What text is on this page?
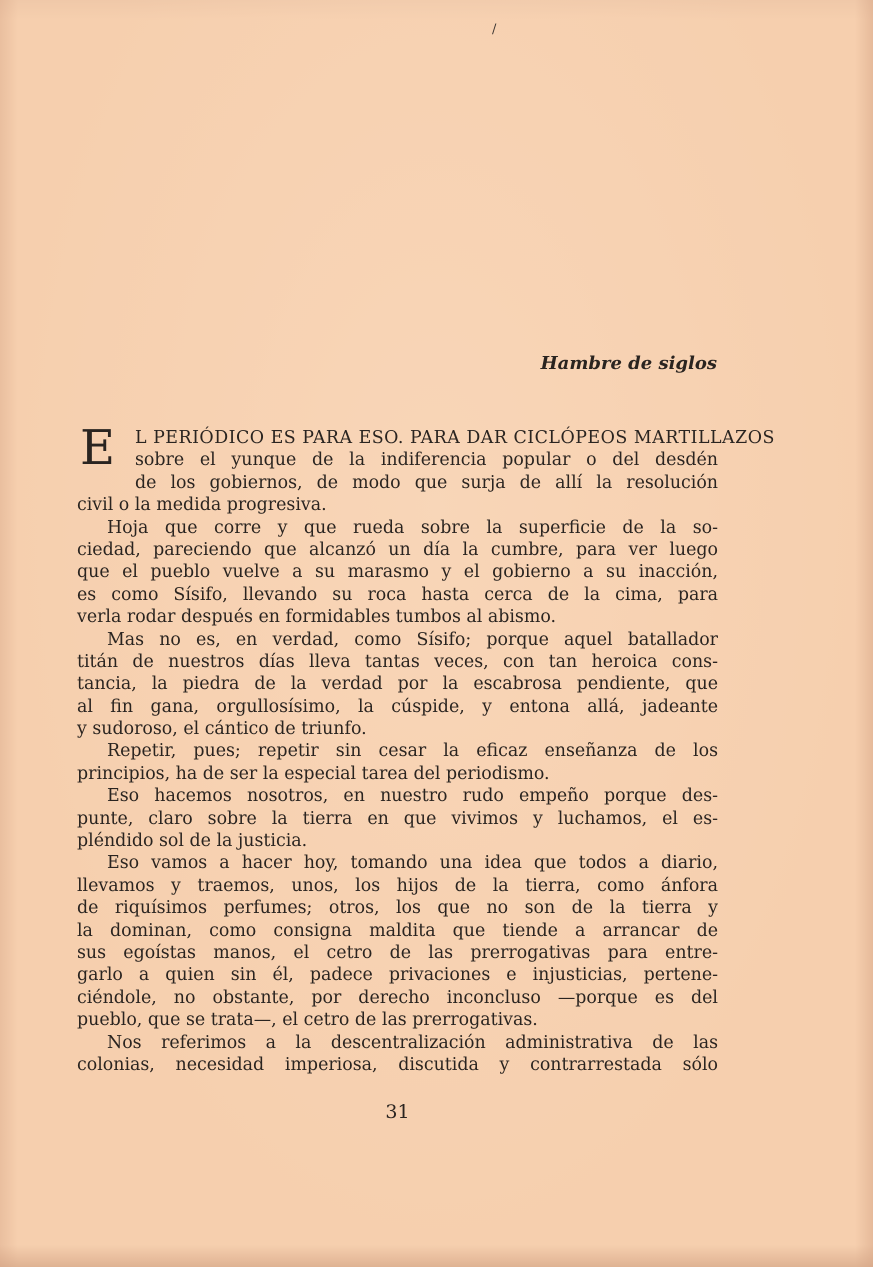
/
Hambre de siglos
E	L PERIÓDICO ES PARA ESO. PARA DAR CICLÓPEOS MARTILLAZOS
sobre el yunque de la indiferencia popular o del desdén
de los gobiernos, de modo que surja de allí la resolución
civil o la medida progresiva.
Hoja que corre y que rueda sobre la superficie de la so-
ciedad, pareciendo que alcanzó un día la cumbre, para ver luego
que el pueblo vuelve a su marasmo y el gobierno a su inacción,
es como Sísifo, llevando su roca hasta cerca de la cima, para
verla rodar después en formidables tumbos al abismo.
Mas no es, en verdad, como Sísifo; porque aquel batallador
titán de nuestros días lleva tantas veces, con tan heroica cons-
tancia, la piedra de la verdad por la escabrosa pendiente, que
al fin gana, orgullosísimo, la cúspide, y entona allá, jadeante
y sudoroso, el cántico de triunfo.
Repetir, pues; repetir sin cesar la eficaz enseñanza de los
principios, ha de ser la especial tarea del periodismo.
Eso hacemos nosotros, en nuestro rudo empeño porque des-
punte, claro sobre la tierra en que vivimos y luchamos, el es-
pléndido sol de la justicia.
Eso vamos a hacer hoy, tomando una idea que todos a diario,
llevamos y traemos, unos, los hijos de la tierra, como ánfora
de riquísimos perfumes; otros, los que no son de la tierra y
la dominan, como consigna maldita que tiende a arrancar de
sus egoístas manos, el cetro de las prerrogativas para entre-
garlo a quien sin él, padece privaciones e injusticias, pertene-
ciéndole, no obstante, por derecho inconcluso —porque es del
pueblo, que se trata—, el cetro de las prerrogativas.
Nos referimos a la descentralización administrativa de las
colonias, necesidad imperiosa, discutida y contrarrestada sólo
31
